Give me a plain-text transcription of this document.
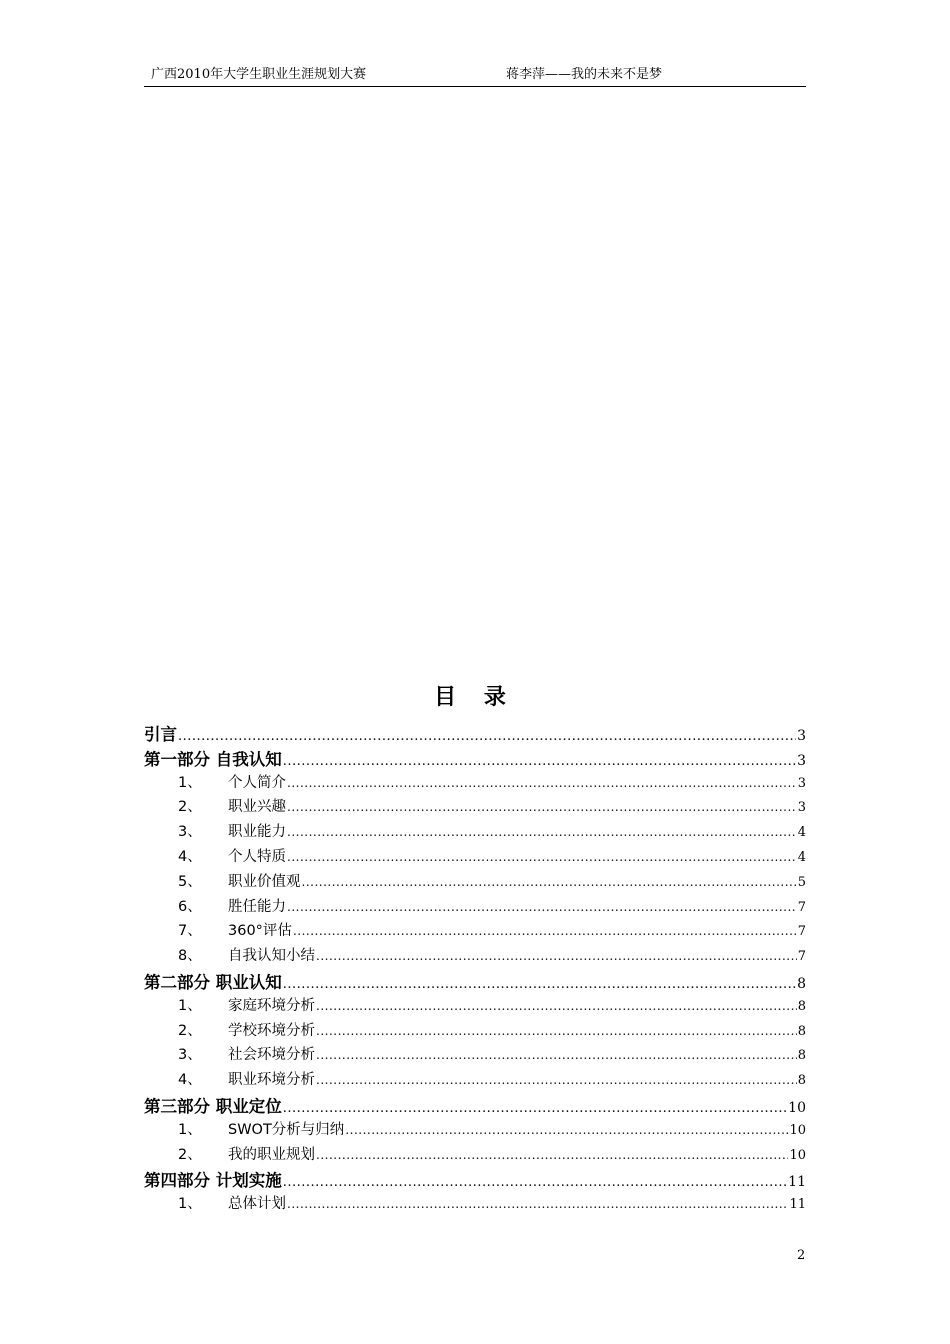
广西2010年大学生职业生涯规划大赛	蒋李萍——我的未来不是梦
目 录
引言 .....	3
第一部分 自我认知 .....	3
1、 个人简介 .....	3
2、 职业兴趣 .....	3
3、 职业能力 .....	4
4、 个人特质 .....	4
5、 职业价值观 .....	5
6、 胜任能力 .....	7
7、 360°评估 .....	7
8、 自我认知小结 .....	7
第二部分 职业认知 .....	8
1、 家庭环境分析 .....	8
2、 学校环境分析 .....	8
3、 社会环境分析 .....	8
4、 职业环境分析 .....	8
第三部分 职业定位 .....	10
1、 SWOT分析与归纳 .....	10
2、 我的职业规划 .....	10
第四部分 计划实施 .....	11
1、 总体计划 .....	11
2
